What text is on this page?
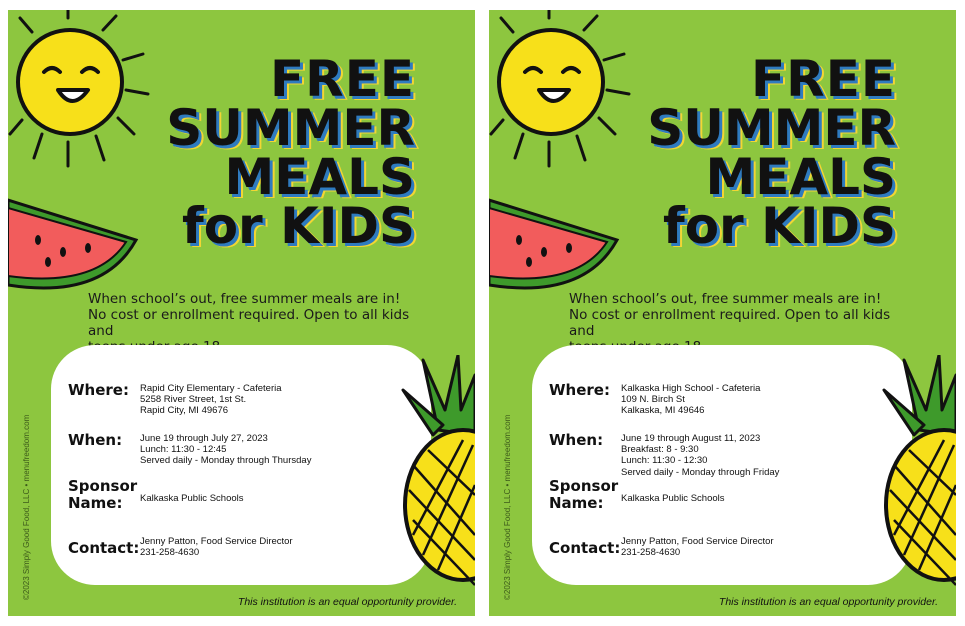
FREE
SUMMER
MEALS
for KIDS
When school’s out, free summer meals are in!
No cost or enrollment required. Open to all kids and
Where: Rapid City Elementary - Cafeteria
5258 River Street, 1st St.
Rapid City, MI 49676
When: June 19 through July 27, 2023
Lunch: 11:30 - 12:45
Served daily - Monday through Thursday
Sponsor
Name:	Kalkaska Public Schools
Contact: Jenny Patton, Food Service Director
231-258-4630
©2023 Simply Good Food, LLC • menufreedom.com
This institution is an equal opportunity provider.
FREE
SUMMER
MEALS
for KIDS
When school’s out, free summer meals are in!
No cost or enrollment required. Open to all kids and
Where: Kalkaska High School - Cafeteria
109 N. Birch St
Kalkaska, MI 49646
When: June 19 through August 11, 2023
Breakfast: 8 - 9:30
Lunch: 11:30 - 12:30
Served daily - Monday through Friday
Sponsor
Name:	Kalkaska Public Schools
Contact: Jenny Patton, Food Service Director
231-258-4630
©2023 Simply Good Food, LLC • menufreedom.com
This institution is an equal opportunity provider.
